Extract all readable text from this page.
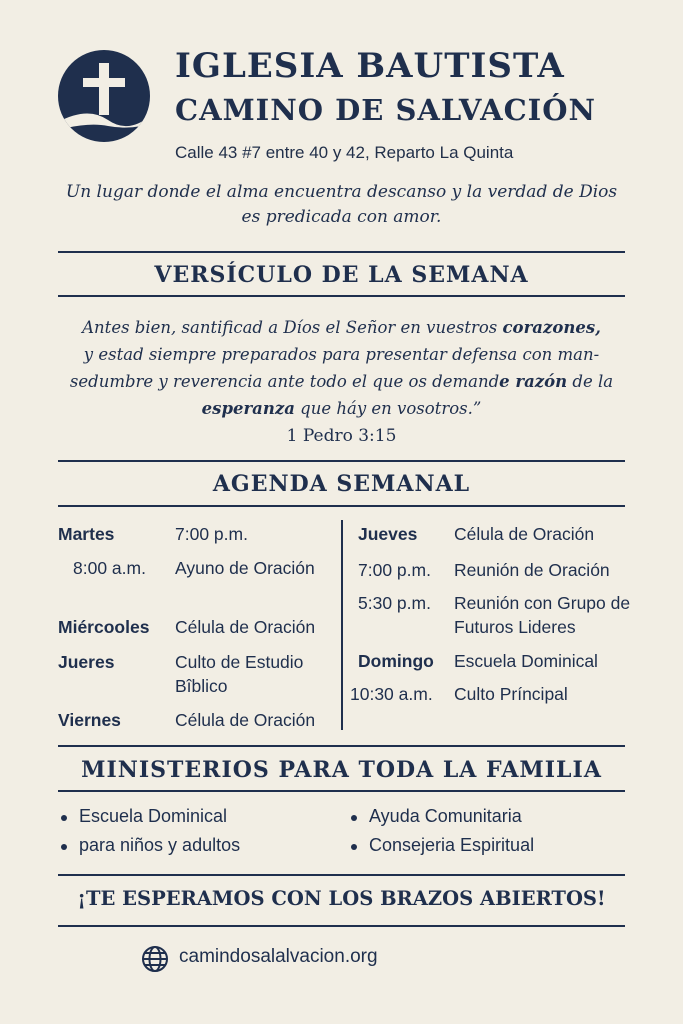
IGLESIA BAUTISTA
CAMINO DE SALVACIÓN
Calle 43 #7 entre 40 y 42, Reparto La Quinta
Un lugar donde el alma encuentra descanso y la verdad de Dios
es predicada con amor.
VERSÍCULO DE LA SEMANA
Antes bien, santificad a Díos el Señor en vuestros corazones,
y estad siempre preparados para presentar defensa con man-
sedumbre y reverencia ante todo el que os demande razón de la
esperanza que háy en vosotros.”
1 Pedro 3:15
AGENDA SEMANAL
Martes	7:00 p.m.
8:00 a.m. Ayuno de Oración
Miércooles Célula de Oración
Jueres	Culto de Estudio Bîblico
Viernes	Célula de Oración
Jueves Célula de Oración
7:00 p.m. Reunión de Oración
5:30 p.m. Reunión con Grupo de Futuros Lideres
Domingo Escuela Dominical
10:30 a.m. Culto Príncipal
MINISTERIOS PARA TODA LA FAMILIA
Escuela Dominical
para niños y adultos
Ayuda Comunitaria
Consejeria Espiritual
¡TE ESPERAMOS CON LOS BRAZOS ABIERTOS!
camindosalalvacion.org
